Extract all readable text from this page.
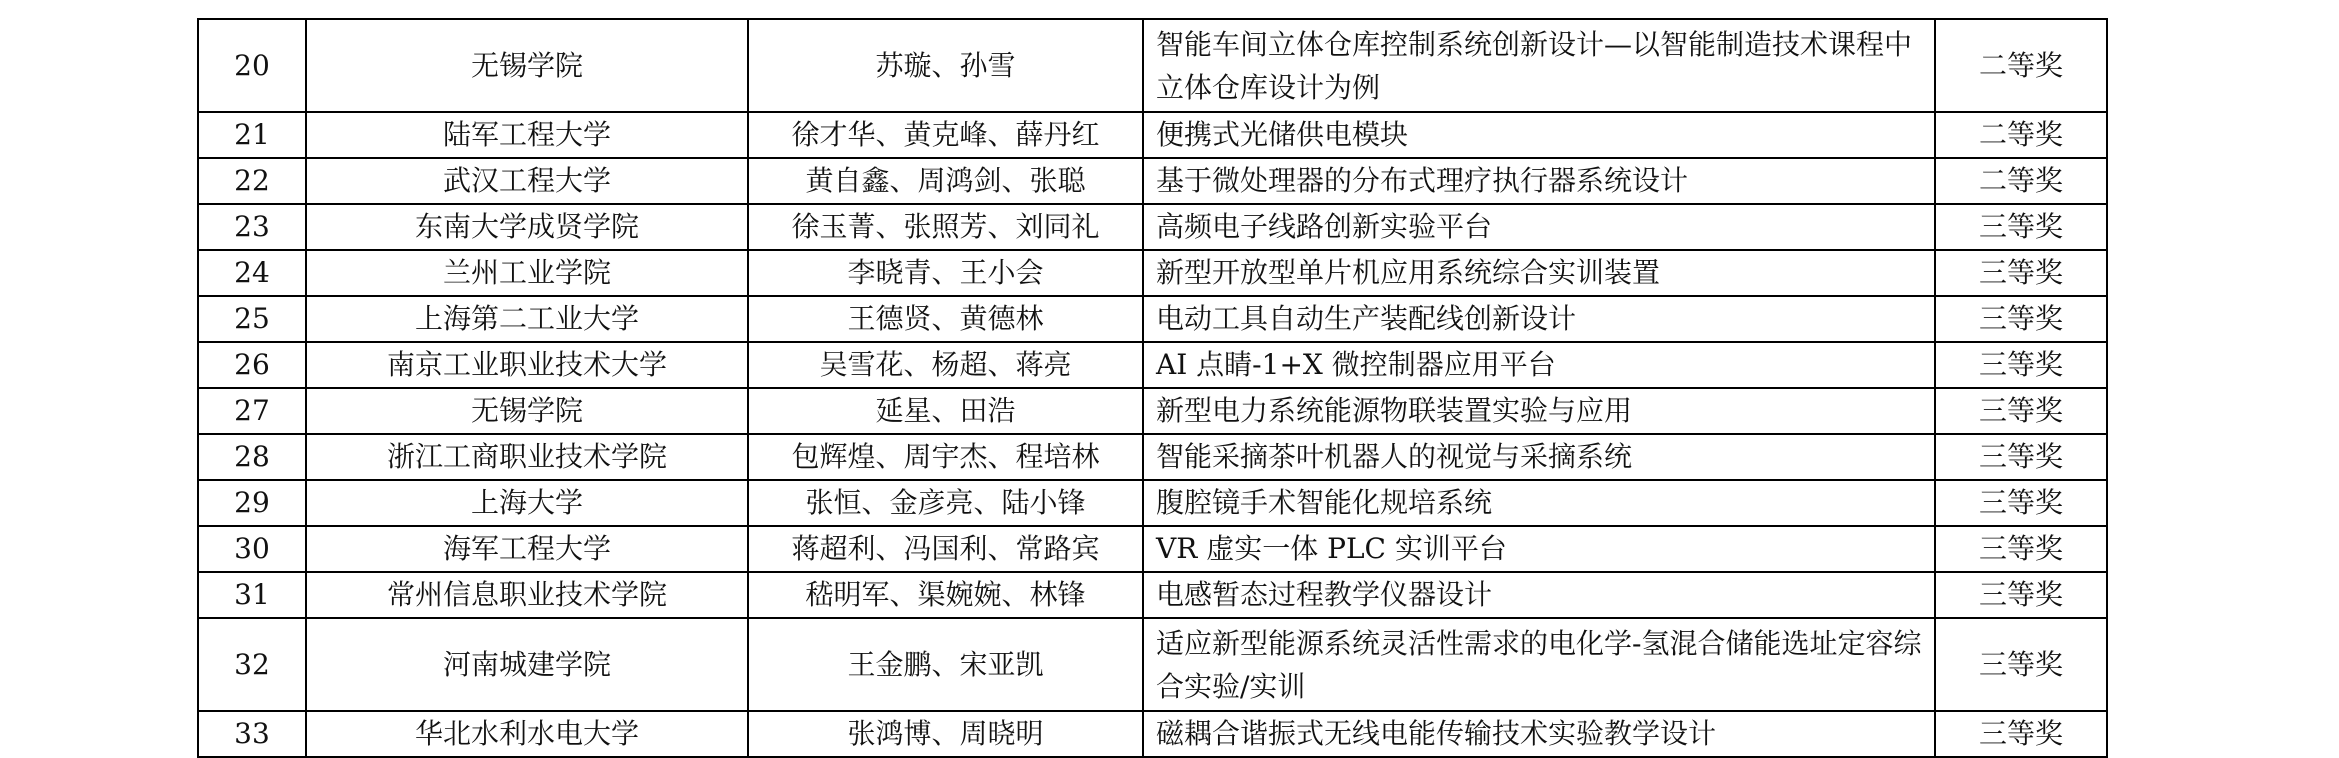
20	无锡学院	苏璇、孙雪	智能车间立体仓库控制系统创新设计—以智能制造技术课程中立体仓库设计为例	二等奖
21	陆军工程大学	徐才华、黄克峰、薛丹红	便携式光储供电模块	二等奖
22	武汉工程大学	黄自鑫、周鸿剑、张聪	基于微处理器的分布式理疗执行器系统设计	二等奖
23	东南大学成贤学院	徐玉菁、张照芳、刘同礼	高频电子线路创新实验平台	三等奖
24	兰州工业学院	李晓青、王小会	新型开放型单片机应用系统综合实训装置	三等奖
25	上海第二工业大学	王德贤、黄德林	电动工具自动生产装配线创新设计	三等奖
26	南京工业职业技术大学	吴雪花、杨超、蒋亮	AI 点睛-1+X 微控制器应用平台	三等奖
27	无锡学院	延星、田浩	新型电力系统能源物联装置实验与应用	三等奖
28	浙江工商职业技术学院	包辉煌、周宇杰、程培林	智能采摘茶叶机器人的视觉与采摘系统	三等奖
29	上海大学	张恒、金彦亮、陆小锋	腹腔镜手术智能化规培系统	三等奖
30	海军工程大学	蒋超利、冯国利、常路宾	VR 虚实一体 PLC 实训平台	三等奖
31	常州信息职业技术学院	嵇明军、渠婉婉、林锋	电感暂态过程教学仪器设计	三等奖
32	河南城建学院	王金鹏、宋亚凯	适应新型能源系统灵活性需求的电化学-氢混合储能选址定容综合实验/实训	三等奖
33	华北水利水电大学	张鸿博、周晓明	磁耦合谐振式无线电能传输技术实验教学设计	三等奖
